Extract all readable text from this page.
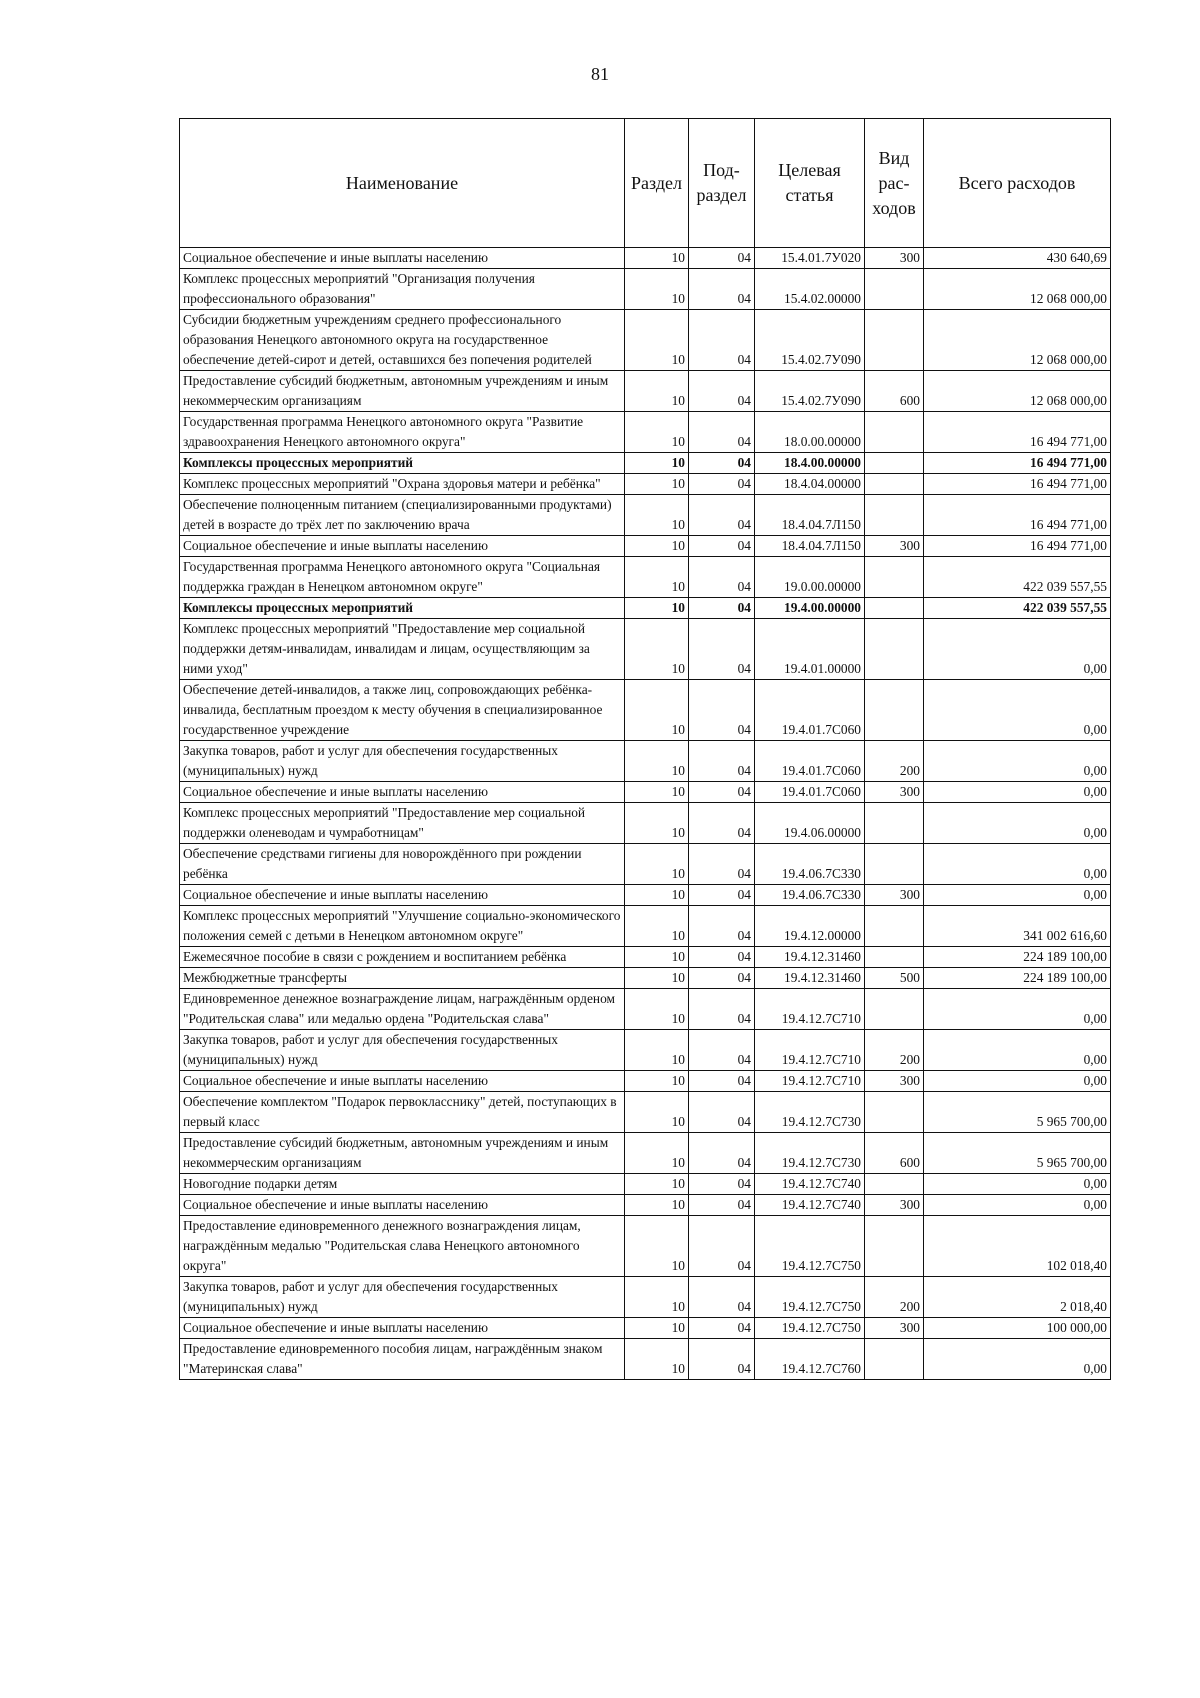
81
Наименование	Раздел	Под-раздел	Целевая статья	Вид рас-ходов	Всего расходов
Социальное обеспечение и иные выплаты населению	10	04	15.4.01.7У020	300	430 640,69
Комплекс процессных мероприятий "Организация получения профессионального образования"	10	04	15.4.02.00000		12 068 000,00
Субсидии бюджетным учреждениям среднего профессионального образования Ненецкого автономного округа на государственное обеспечение детей-сирот и детей, оставшихся без попечения родителей	10	04	15.4.02.7У090		12 068 000,00
Предоставление субсидий бюджетным, автономным учреждениям и иным некоммерческим организациям	10	04	15.4.02.7У090	600	12 068 000,00
Государственная программа Ненецкого автономного округа "Развитие здравоохранения Ненецкого автономного округа"	10	04	18.0.00.00000		16 494 771,00
Комплексы процессных мероприятий	10	04	18.4.00.00000		16 494 771,00
Комплекс процессных мероприятий "Охрана здоровья матери и ребёнка"	10	04	18.4.04.00000		16 494 771,00
Обеспечение полноценным питанием (специализированными продуктами) детей в возрасте до трёх лет по заключению врача	10	04	18.4.04.7Л150		16 494 771,00
Социальное обеспечение и иные выплаты населению	10	04	18.4.04.7Л150	300	16 494 771,00
Государственная программа Ненецкого автономного округа "Социальная поддержка граждан в Ненецком автономном округе"	10	04	19.0.00.00000		422 039 557,55
Комплексы процессных мероприятий	10	04	19.4.00.00000		422 039 557,55
Комплекс процессных мероприятий "Предоставление мер социальной поддержки детям-инвалидам, инвалидам и лицам, осуществляющим за ними уход"	10	04	19.4.01.00000		0,00
Обеспечение детей-инвалидов, а также лиц, сопровождающих ребёнка-инвалида, бесплатным проездом к месту обучения в специализированное государственное учреждение	10	04	19.4.01.7С060		0,00
Закупка товаров, работ и услуг для обеспечения государственных (муниципальных) нужд	10	04	19.4.01.7С060	200	0,00
Социальное обеспечение и иные выплаты населению	10	04	19.4.01.7С060	300	0,00
Комплекс процессных мероприятий "Предоставление мер социальной поддержки оленеводам и чумработницам"	10	04	19.4.06.00000		0,00
Обеспечение средствами гигиены для новорождённого при рождении ребёнка	10	04	19.4.06.7С330		0,00
Социальное обеспечение и иные выплаты населению	10	04	19.4.06.7С330	300	0,00
Комплекс процессных мероприятий "Улучшение социально-экономического положения семей с детьми в Ненецком автономном округе"	10	04	19.4.12.00000		341 002 616,60
Ежемесячное пособие в связи с рождением и воспитанием ребёнка	10	04	19.4.12.31460		224 189 100,00
Межбюджетные трансферты	10	04	19.4.12.31460	500	224 189 100,00
Единовременное денежное вознаграждение лицам, награждённым орденом "Родительская слава" или медалью ордена "Родительская слава"	10	04	19.4.12.7С710		0,00
Закупка товаров, работ и услуг для обеспечения государственных (муниципальных) нужд	10	04	19.4.12.7С710	200	0,00
Социальное обеспечение и иные выплаты населению	10	04	19.4.12.7С710	300	0,00
Обеспечение комплектом "Подарок первокласснику" детей, поступающих в первый класс	10	04	19.4.12.7С730		5 965 700,00
Предоставление субсидий бюджетным, автономным учреждениям и иным некоммерческим организациям	10	04	19.4.12.7С730	600	5 965 700,00
Новогодние подарки детям	10	04	19.4.12.7С740		0,00
Социальное обеспечение и иные выплаты населению	10	04	19.4.12.7С740	300	0,00
Предоставление единовременного денежного вознаграждения лицам, награждённым медалью "Родительская слава Ненецкого автономного округа"	10	04	19.4.12.7С750		102 018,40
Закупка товаров, работ и услуг для обеспечения государственных (муниципальных) нужд	10	04	19.4.12.7С750	200	2 018,40
Социальное обеспечение и иные выплаты населению	10	04	19.4.12.7С750	300	100 000,00
Предоставление единовременного пособия лицам, награждённым знаком "Материнская слава"	10	04	19.4.12.7С760		0,00
